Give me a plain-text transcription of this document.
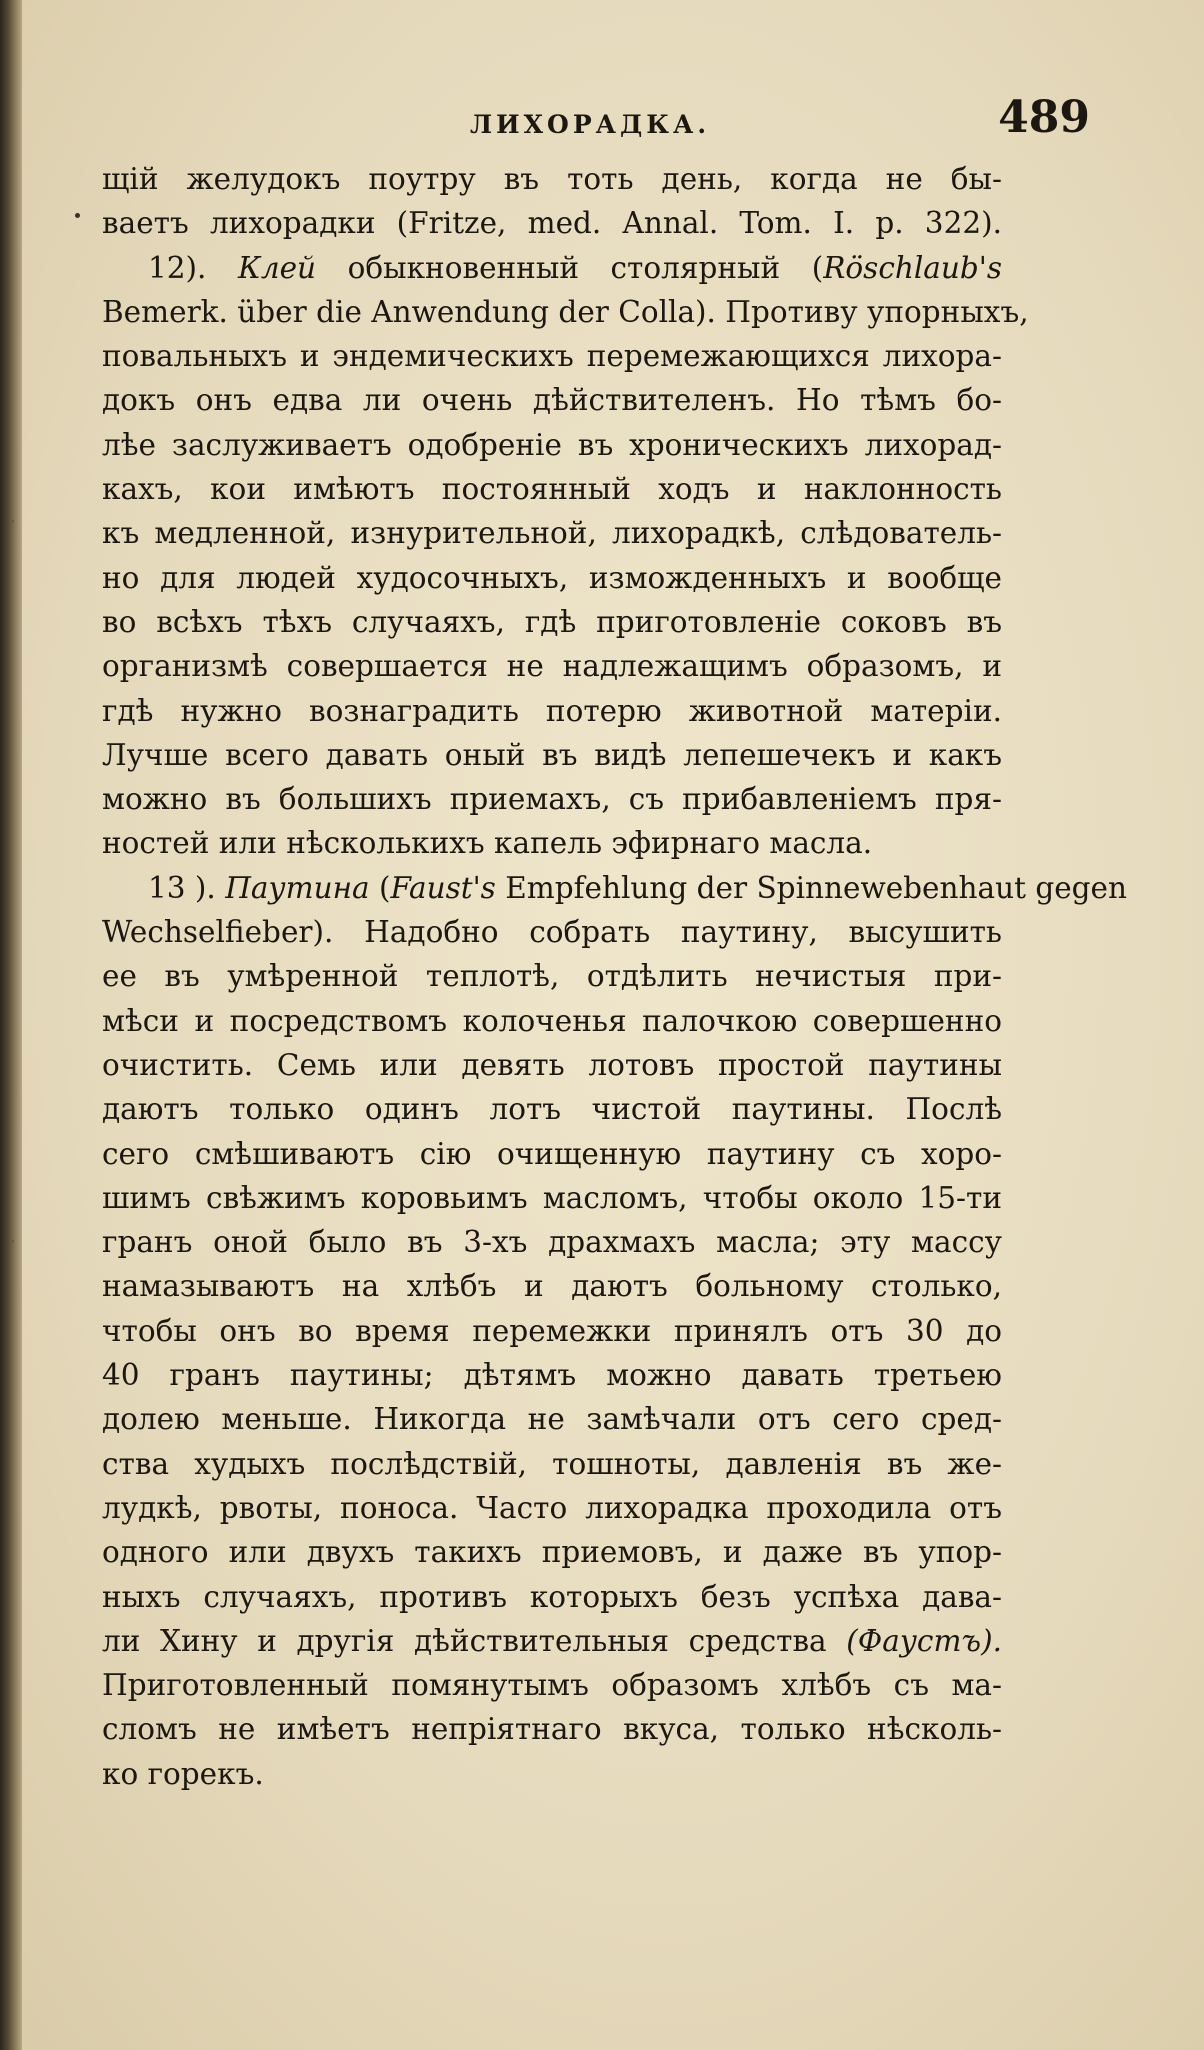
ЛИХОРАДКА.	489
щій желудокъ поутру въ тоть день, когда не бы-
ваетъ лихорадки (Fritze, med. Annal. Tom. I. p. 322).
12). Клей обыкновенный столярный (Röschlaub's
Bemerk. über die Anwendung der Colla). Противу упорныхъ,
повальныхъ и эндемическихъ перемежающихся лихора-
докъ онъ едва ли очень дѣйствителенъ. Но тѣмъ бо-
лѣе заслуживаетъ одобреніе въ хроническихъ лихорад-
кахъ, кои имѣютъ постоянный ходъ и наклонность
къ медленной, изнурительной, лихорадкѣ, слѣдователь-
но для людей худосочныхъ, изможденныхъ и вообще
во всѣхъ тѣхъ случаяхъ, гдѣ приготовленіе соковъ въ
организмѣ совершается не надлежащимъ образомъ, и
гдѣ нужно вознаградить потерю животной матеріи.
Лучше всего давать оный въ видѣ лепешечекъ и какъ
можно въ большихъ приемахъ, съ прибавленіемъ пря-
ностей или нѣсколькихъ капель эфирнаго масла.
13 ). Паутина (Faust's Empfehlung der Spinnewebenhaut gegen
Wechselfieber). Надобно собрать паутину, высушить
ее въ умѣренной теплотѣ, отдѣлить нечистыя при-
мѣси и посредствомъ колоченья палочкою совершенно
очистить. Семь или девять лотовъ простой паутины
даютъ только одинъ лотъ чистой паутины. Послѣ
сего смѣшиваютъ сію очищенную паутину съ хоро-
шимъ свѣжимъ коровьимъ масломъ, чтобы около 15-ти
гранъ оной было въ 3-хъ драхмахъ масла; эту массу
намазываютъ на хлѣбъ и даютъ больному столько,
чтобы онъ во время перемежки принялъ отъ 30 до
40 гранъ паутины; дѣтямъ можно давать третьею
долею меньше. Никогда не замѣчали отъ сего сред-
ства худыхъ послѣдствій, тошноты, давленія въ же-
лудкѣ, рвоты, поноса. Часто лихорадка проходила отъ
одного или двухъ такихъ приемовъ, и даже въ упор-
ныхъ случаяхъ, противъ которыхъ безъ успѣха дава-
ли Хину и другія дѣйствительныя средства (Фаустъ).
Приготовленный помянутымъ образомъ хлѣбъ съ ма-
сломъ не имѣетъ непріятнаго вкуса, только нѣсколь-
ко горекъ.
